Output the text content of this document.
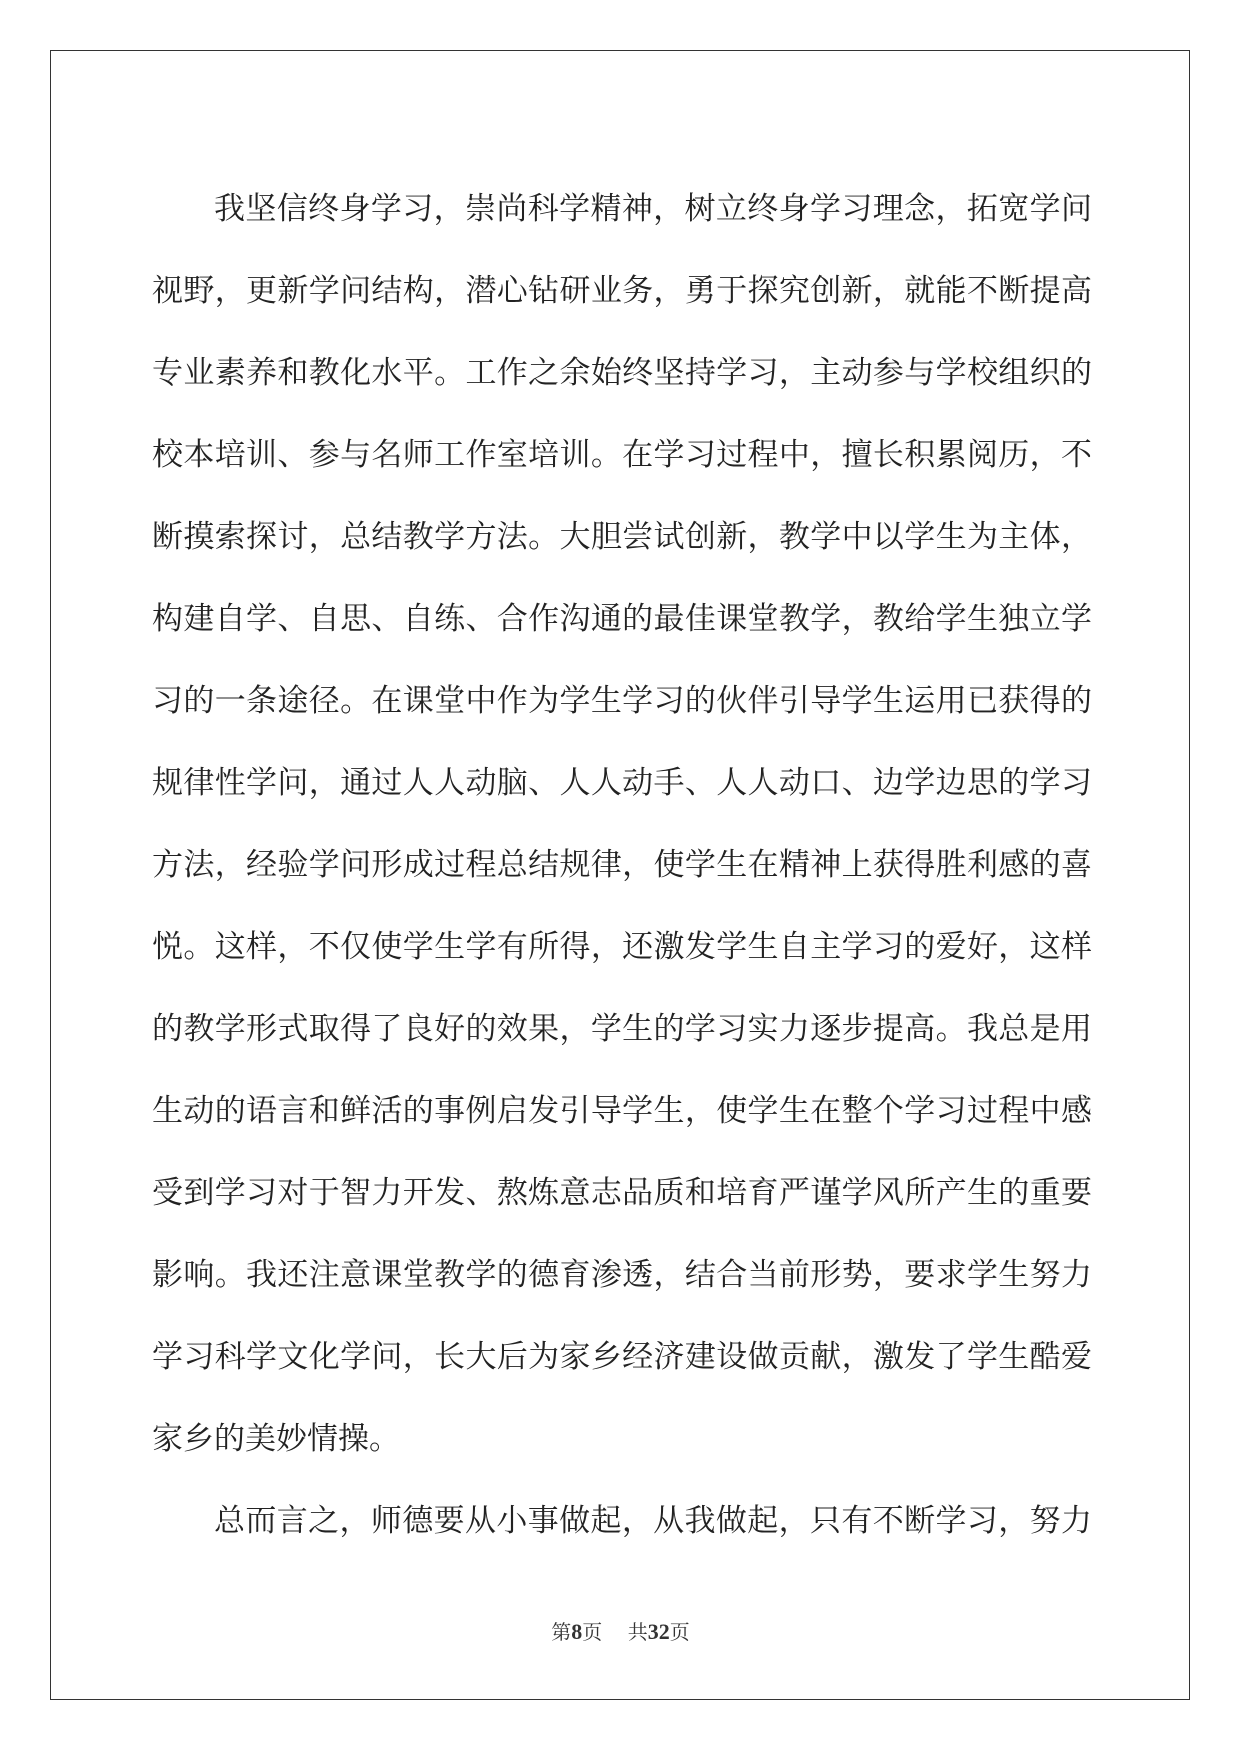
我坚信终身学习，崇尚科学精神，树立终身学习理念，拓宽学问
视野，更新学问结构，潜心钻研业务，勇于探究创新，就能不断提高
专业素养和教化水平。工作之余始终坚持学习，主动参与学校组织的
校本培训、参与名师工作室培训。在学习过程中，擅长积累阅历，不
断摸索探讨，总结教学方法。大胆尝试创新，教学中以学生为主体，
构建自学、自思、自练、合作沟通的最佳课堂教学，教给学生独立学
习的一条途径。在课堂中作为学生学习的伙伴引导学生运用已获得的
规律性学问，通过人人动脑、人人动手、人人动口、边学边思的学习
方法，经验学问形成过程总结规律，使学生在精神上获得胜利感的喜
悦。这样，不仅使学生学有所得，还激发学生自主学习的爱好，这样
的教学形式取得了良好的效果，学生的学习实力逐步提高。我总是用
生动的语言和鲜活的事例启发引导学生，使学生在整个学习过程中感
受到学习对于智力开发、熬炼意志品质和培育严谨学风所产生的重要
影响。我还注意课堂教学的德育渗透，结合当前形势，要求学生努力
学习科学文化学问，长大后为家乡经济建设做贡献，激发了学生酷爱
家乡的美妙情操。
总而言之，师德要从小事做起，从我做起，只有不断学习，努力
第8页 共32页
